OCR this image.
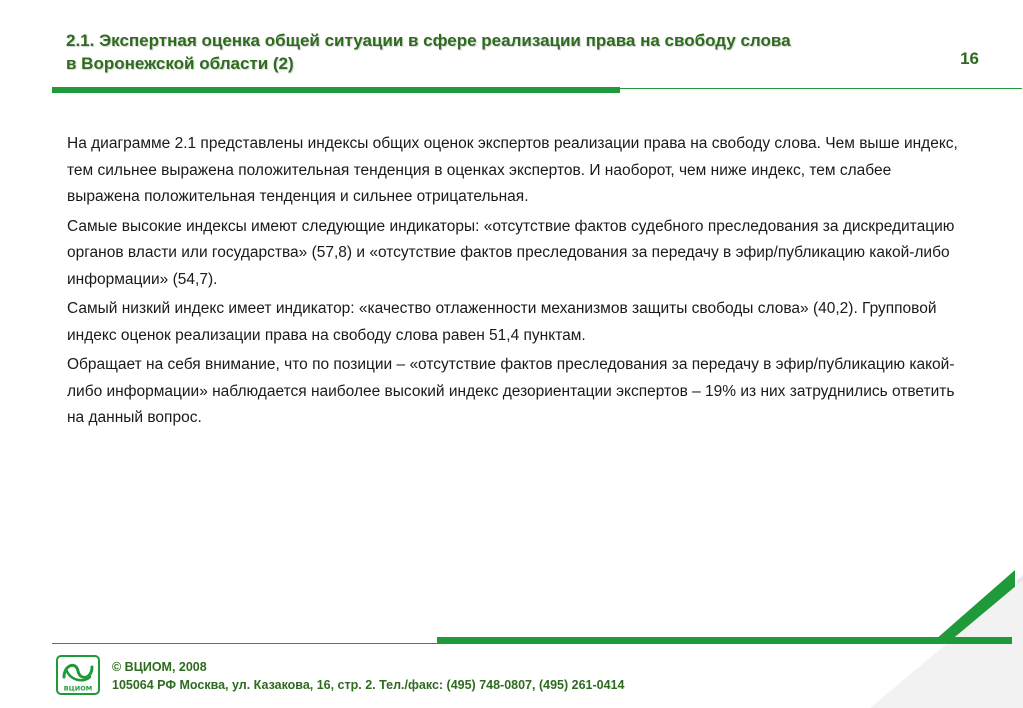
2.1. Экспертная оценка общей ситуации в сфере реализации права на свободу слова
в Воронежской области (2)	16

На диаграмме 2.1 представлены индексы общих оценок экспертов реализации права на свободу слова. Чем выше индекс, тем сильнее выражена положительная тенденция в оценках экспертов. И наоборот, чем ниже индекс, тем слабее выражена положительная тенденция и сильнее отрицательная.

Самые высокие индексы имеют следующие индикаторы: «отсутствие фактов судебного преследования за дискредитацию органов власти или государства» (57,8) и «отсутствие фактов преследования за передачу в эфир/публикацию какой-либо информации» (54,7).

Самый низкий индекс имеет индикатор: «качество отлаженности механизмов защиты свободы слова» (40,2). Групповой индекс оценок реализации права на свободу слова равен 51,4 пунктам.

Обращает на себя внимание, что по позиции – «отсутствие фактов преследования за передачу в эфир/публикацию какой-либо информации» наблюдается наиболее высокий индекс дезориентации экспертов – 19% из них затруднились ответить на данный вопрос.

ВЦИОМ
© ВЦИОМ, 2008
105064 РФ Москва, ул. Казакова, 16, стр. 2. Тел./факс: (495) 748-0807, (495) 261-0414
